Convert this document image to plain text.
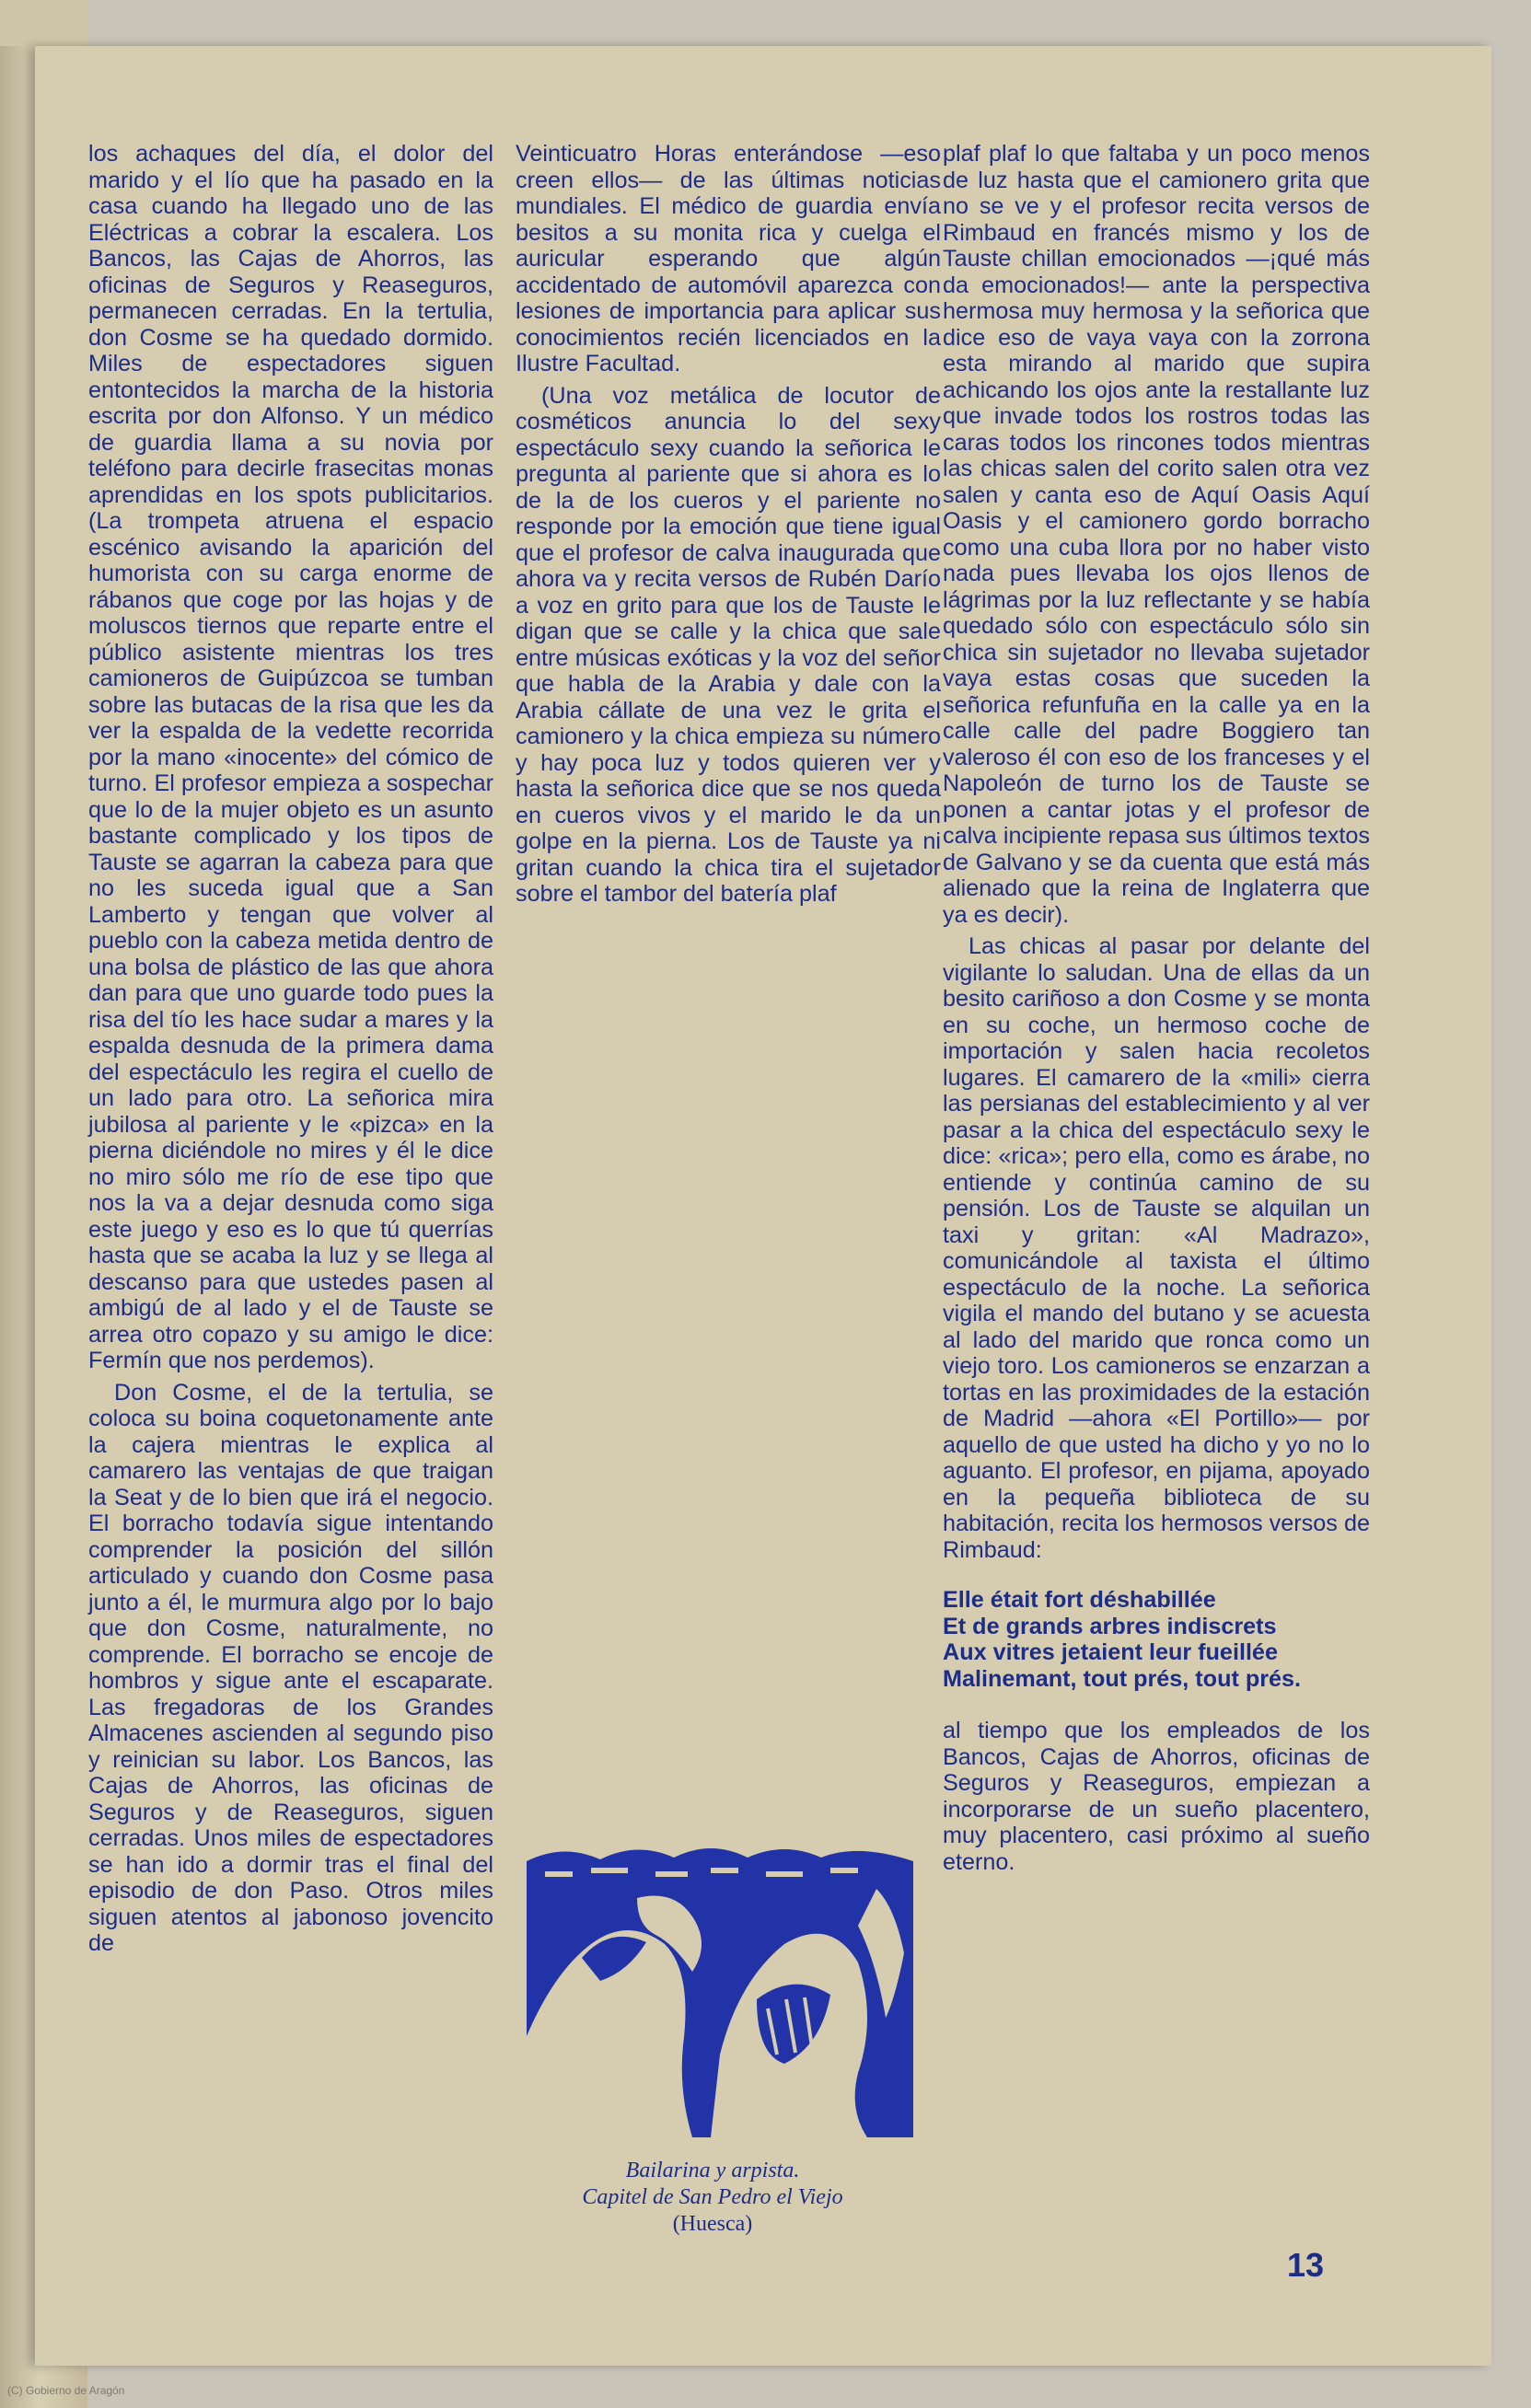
los achaques del día, el dolor del marido y el lío que ha pasado en la casa cuando ha llegado uno de las Eléctricas a cobrar la escalera. Los Bancos, las Cajas de Ahorros, las oficinas de Seguros y Reaseguros, permanecen cerradas. En la tertulia, don Cosme se ha quedado dormido. Miles de espectadores siguen entontecidos la marcha de la historia escrita por don Alfonso. Y un médico de guardia llama a su novia por teléfono para decirle frasecitas monas aprendidas en los spots publicitarios. (La trompeta atruena el espacio escénico avisando la aparición del humorista con su carga enorme de rábanos que coge por las hojas y de moluscos tiernos que reparte entre el público asistente mientras los tres camioneros de Guipúzcoa se tumban sobre las butacas de la risa que les da ver la espalda de la vedette recorrida por la mano «inocente» del cómico de turno. El profesor empieza a sospechar que lo de la mujer objeto es un asunto bastante complicado y los tipos de Tauste se agarran la cabeza para que no les suceda igual que a San Lamberto y tengan que volver al pueblo con la cabeza metida dentro de una bolsa de plástico de las que ahora dan para que uno guarde todo pues la risa del tío les hace sudar a mares y la espalda desnuda de la primera dama del espectáculo les regira el cuello de un lado para otro. La señorica mira jubilosa al pariente y le «pizca» en la pierna diciéndole no mires y él le dice no miro sólo me río de ese tipo que nos la va a dejar desnuda como siga este juego y eso es lo que tú querrías hasta que se acaba la luz y se llega al descanso para que ustedes pasen al ambigú de al lado y el de Tauste se arrea otro copazo y su amigo le dice: Fermín que nos perdemos).

Don Cosme, el de la tertulia, se coloca su boina coquetonamente ante la cajera mientras le explica al camarero las ventajas de que traigan la Seat y de lo bien que irá el negocio. El borracho todavía sigue intentando comprender la posición del sillón articulado y cuando don Cosme pasa junto a él, le murmura algo por lo bajo que don Cosme, naturalmente, no comprende. El borracho se encoje de hombros y sigue ante el escaparate. Las fregadoras de los Grandes Almacenes ascienden al segundo piso y reinician su labor. Los Bancos, las Cajas de Ahorros, las oficinas de Seguros y de Reaseguros, siguen cerradas. Unos miles de espectadores se han ido a dormir tras el final del episodio de don Paso. Otros miles siguen atentos al jabonoso jovencito de

Veinticuatro Horas enterándose —eso creen ellos— de las últimas noticias mundiales. El médico de guardia envía besitos a su monita rica y cuelga el auricular esperando que algún accidentado de automóvil aparezca con lesiones de importancia para aplicar sus conocimientos recién licenciados en la Ilustre Facultad.

(Una voz metálica de locutor de cosméticos anuncia lo del sexy espectáculo sexy cuando la señorica le pregunta al pariente que si ahora es lo de la de los cueros y el pariente no responde por la emoción que tiene igual que el profesor de calva inaugurada que ahora va y recita versos de Rubén Darío a voz en grito para que los de Tauste le digan que se calle y la chica que sale entre músicas exóticas y la voz del señor que habla de la Arabia y dale con la Arabia cállate de una vez le grita el camionero y la chica empieza su número y hay poca luz y todos quieren ver y hasta la señorica dice que se nos queda en cueros vivos y el marido le da un golpe en la pierna. Los de Tauste ya ni gritan cuando la chica tira el sujetador sobre el tambor del batería plaf

plaf plaf lo que faltaba y un poco menos de luz hasta que el camionero grita que no se ve y el profesor recita versos de Rimbaud en francés mismo y los de Tauste chillan emocionados —¡qué más da emocionados!— ante la perspectiva hermosa muy hermosa y la señorica que dice eso de vaya vaya con la zorrona esta mirando al marido que supira achicando los ojos ante la restallante luz que invade todos los rostros todas las caras todos los rincones todos mientras las chicas salen del corito salen otra vez salen y canta eso de Aquí Oasis Aquí Oasis y el camionero gordo borracho como una cuba llora por no haber visto nada pues llevaba los ojos llenos de lágrimas por la luz reflectante y se había quedado sólo con espectáculo sólo sin chica sin sujetador no llevaba sujetador vaya estas cosas que suceden la señorica refunfuña en la calle ya en la calle calle del padre Boggiero tan valeroso él con eso de los franceses y el Napoleón de turno los de Tauste se ponen a cantar jotas y el profesor de calva incipiente repasa sus últimos textos de Galvano y se da cuenta que está más alienado que la reina de Inglaterra que ya es decir).

Las chicas al pasar por delante del vigilante lo saludan. Una de ellas da un besito cariñoso a don Cosme y se monta en su coche, un hermoso coche de importación y salen hacia recoletos lugares. El camarero de la «mili» cierra las persianas del establecimiento y al ver pasar a la chica del espectáculo sexy le dice: «rica»; pero ella, como es árabe, no entiende y continúa camino de su pensión. Los de Tauste se alquilan un taxi y gritan: «Al Madrazo», comunicándole al taxista el último espectáculo de la noche. La señorica vigila el mando del butano y se acuesta al lado del marido que ronca como un viejo toro. Los camioneros se enzarzan a tortas en las proximidades de la estación de Madrid —ahora «El Portillo»— por aquello de que usted ha dicho y yo no lo aguanto. El profesor, en pijama, apoyado en la pequeña biblioteca de su habitación, recita los hermosos versos de Rimbaud:

Elle était fort déshabillée
Et de grands arbres indiscrets
Aux vitres jetaient leur fueillée
Malinemant, tout prés, tout prés.

al tiempo que los empleados de los Bancos, Cajas de Ahorros, oficinas de Seguros y Reaseguros, empiezan a incorporarse de un sueño placentero, muy placentero, casi próximo al sueño eterno.

Bailarina y arpista.
Capitel de San Pedro el Viejo
(Huesca)
13
(C) Gobierno de Aragón
